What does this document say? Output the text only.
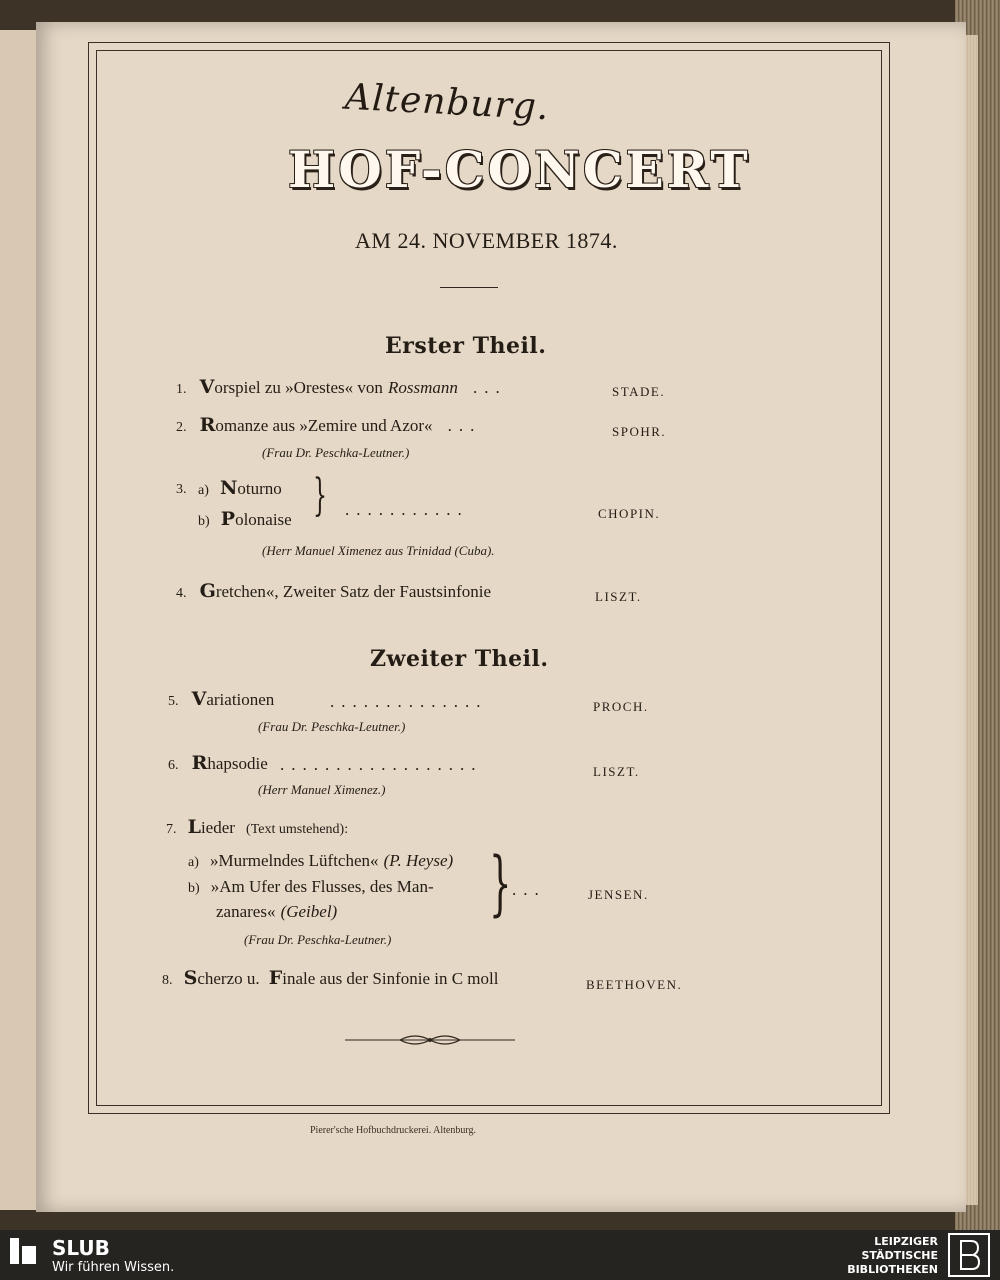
Altenburg.
HOF-CONCERT
AM 24. NOVEMBER 1874.
Erster Theil.
1. Vorspiel zu »Orestes« von Rossmann ...	STADE.
2. Romanze aus »Zemire und Azor« ...	SPOHR.
(Frau Dr. Peschka-Leutner.)
3. a) Noturno
b) Polonaise } ...........	CHOPIN.
(Herr Manuel Ximenez aus Trinidad (Cuba).
4. Gretchen«, Zweiter Satz der Faustsinfonie	LISZT.
Zweiter Theil.
5. Variationen	..............	PROCH.
(Frau Dr. Peschka-Leutner.)
6. Rhapsodie ..................	LISZT.
(Herr Manuel Ximenez.)
7. Lieder (Text umstehend):
a) »Murmelndes Lüftchen« (P. Heyse)
b) »Am Ufer des Flusses, des Man-
zanares« (Geibel) } ...	JENSEN.
(Frau Dr. Peschka-Leutner.)
8. Scherzo u. Finale aus der Sinfonie in C moll	BEETHOVEN.
Pierer'sche Hofbuchdruckerei. Altenburg.
SLUB
Wir führen Wissen.
LEIPZIGER
STÄDTISCHE
BIBLIOTHEKEN
